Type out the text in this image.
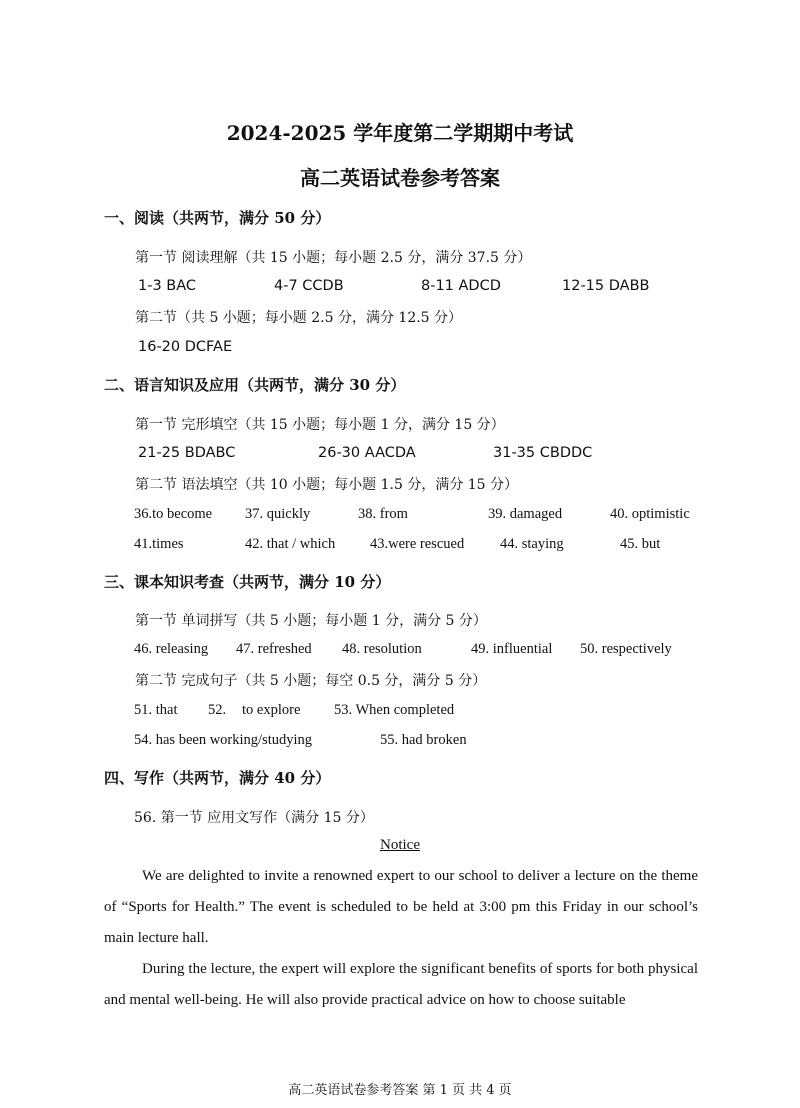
2024-2025 学年度第二学期期中考试
高二英语试卷参考答案
一、阅读（共两节，满分 50 分）
第一节 阅读理解（共 15 小题；每小题 2.5 分，满分 37.5 分）
1-3 BAC	4-7 CCDB	8-11 ADCD	12-15 DABB
第二节（共 5 小题；每小题 2.5 分，满分 12.5 分）
16-20 DCFAE
二、语言知识及应用（共两节，满分 30 分）
第一节 完形填空（共 15 小题；每小题 1 分，满分 15 分）
21-25 BDABC	26-30 AACDA	31-35 CBDDC
第二节 语法填空（共 10 小题；每小题 1.5 分，满分 15 分）
36.to become 37. quickly	38. from	39. damaged	40. optimistic
41.times	42. that / which 43.were rescued 44. staying	45. but
三、课本知识考查（共两节，满分 10 分）
第一节 单词拼写（共 5 小题；每小题 1 分，满分 5 分）
46. releasing 47. refreshed 48. resolution	49. influential 50. respectively
第二节 完成句子（共 5 小题；每空 0.5 分，满分 5 分）
51. that 52. to explore 53. When completed
54. has been working/studying	55. had broken
四、写作（共两节，满分 40 分）
56. 第一节 应用文写作（满分 15 分）
Notice
We are delighted to invite a renowned expert to our school to deliver a lecture on the theme of “Sports for Health.” The event is scheduled to be held at 3:00 pm this Friday in our school’s main lecture hall.
During the lecture, the expert will explore the significant benefits of sports for both physical and mental well-being. He will also provide practical advice on how to choose suitable
高二英语试卷参考答案 第 1 页 共 4 页
